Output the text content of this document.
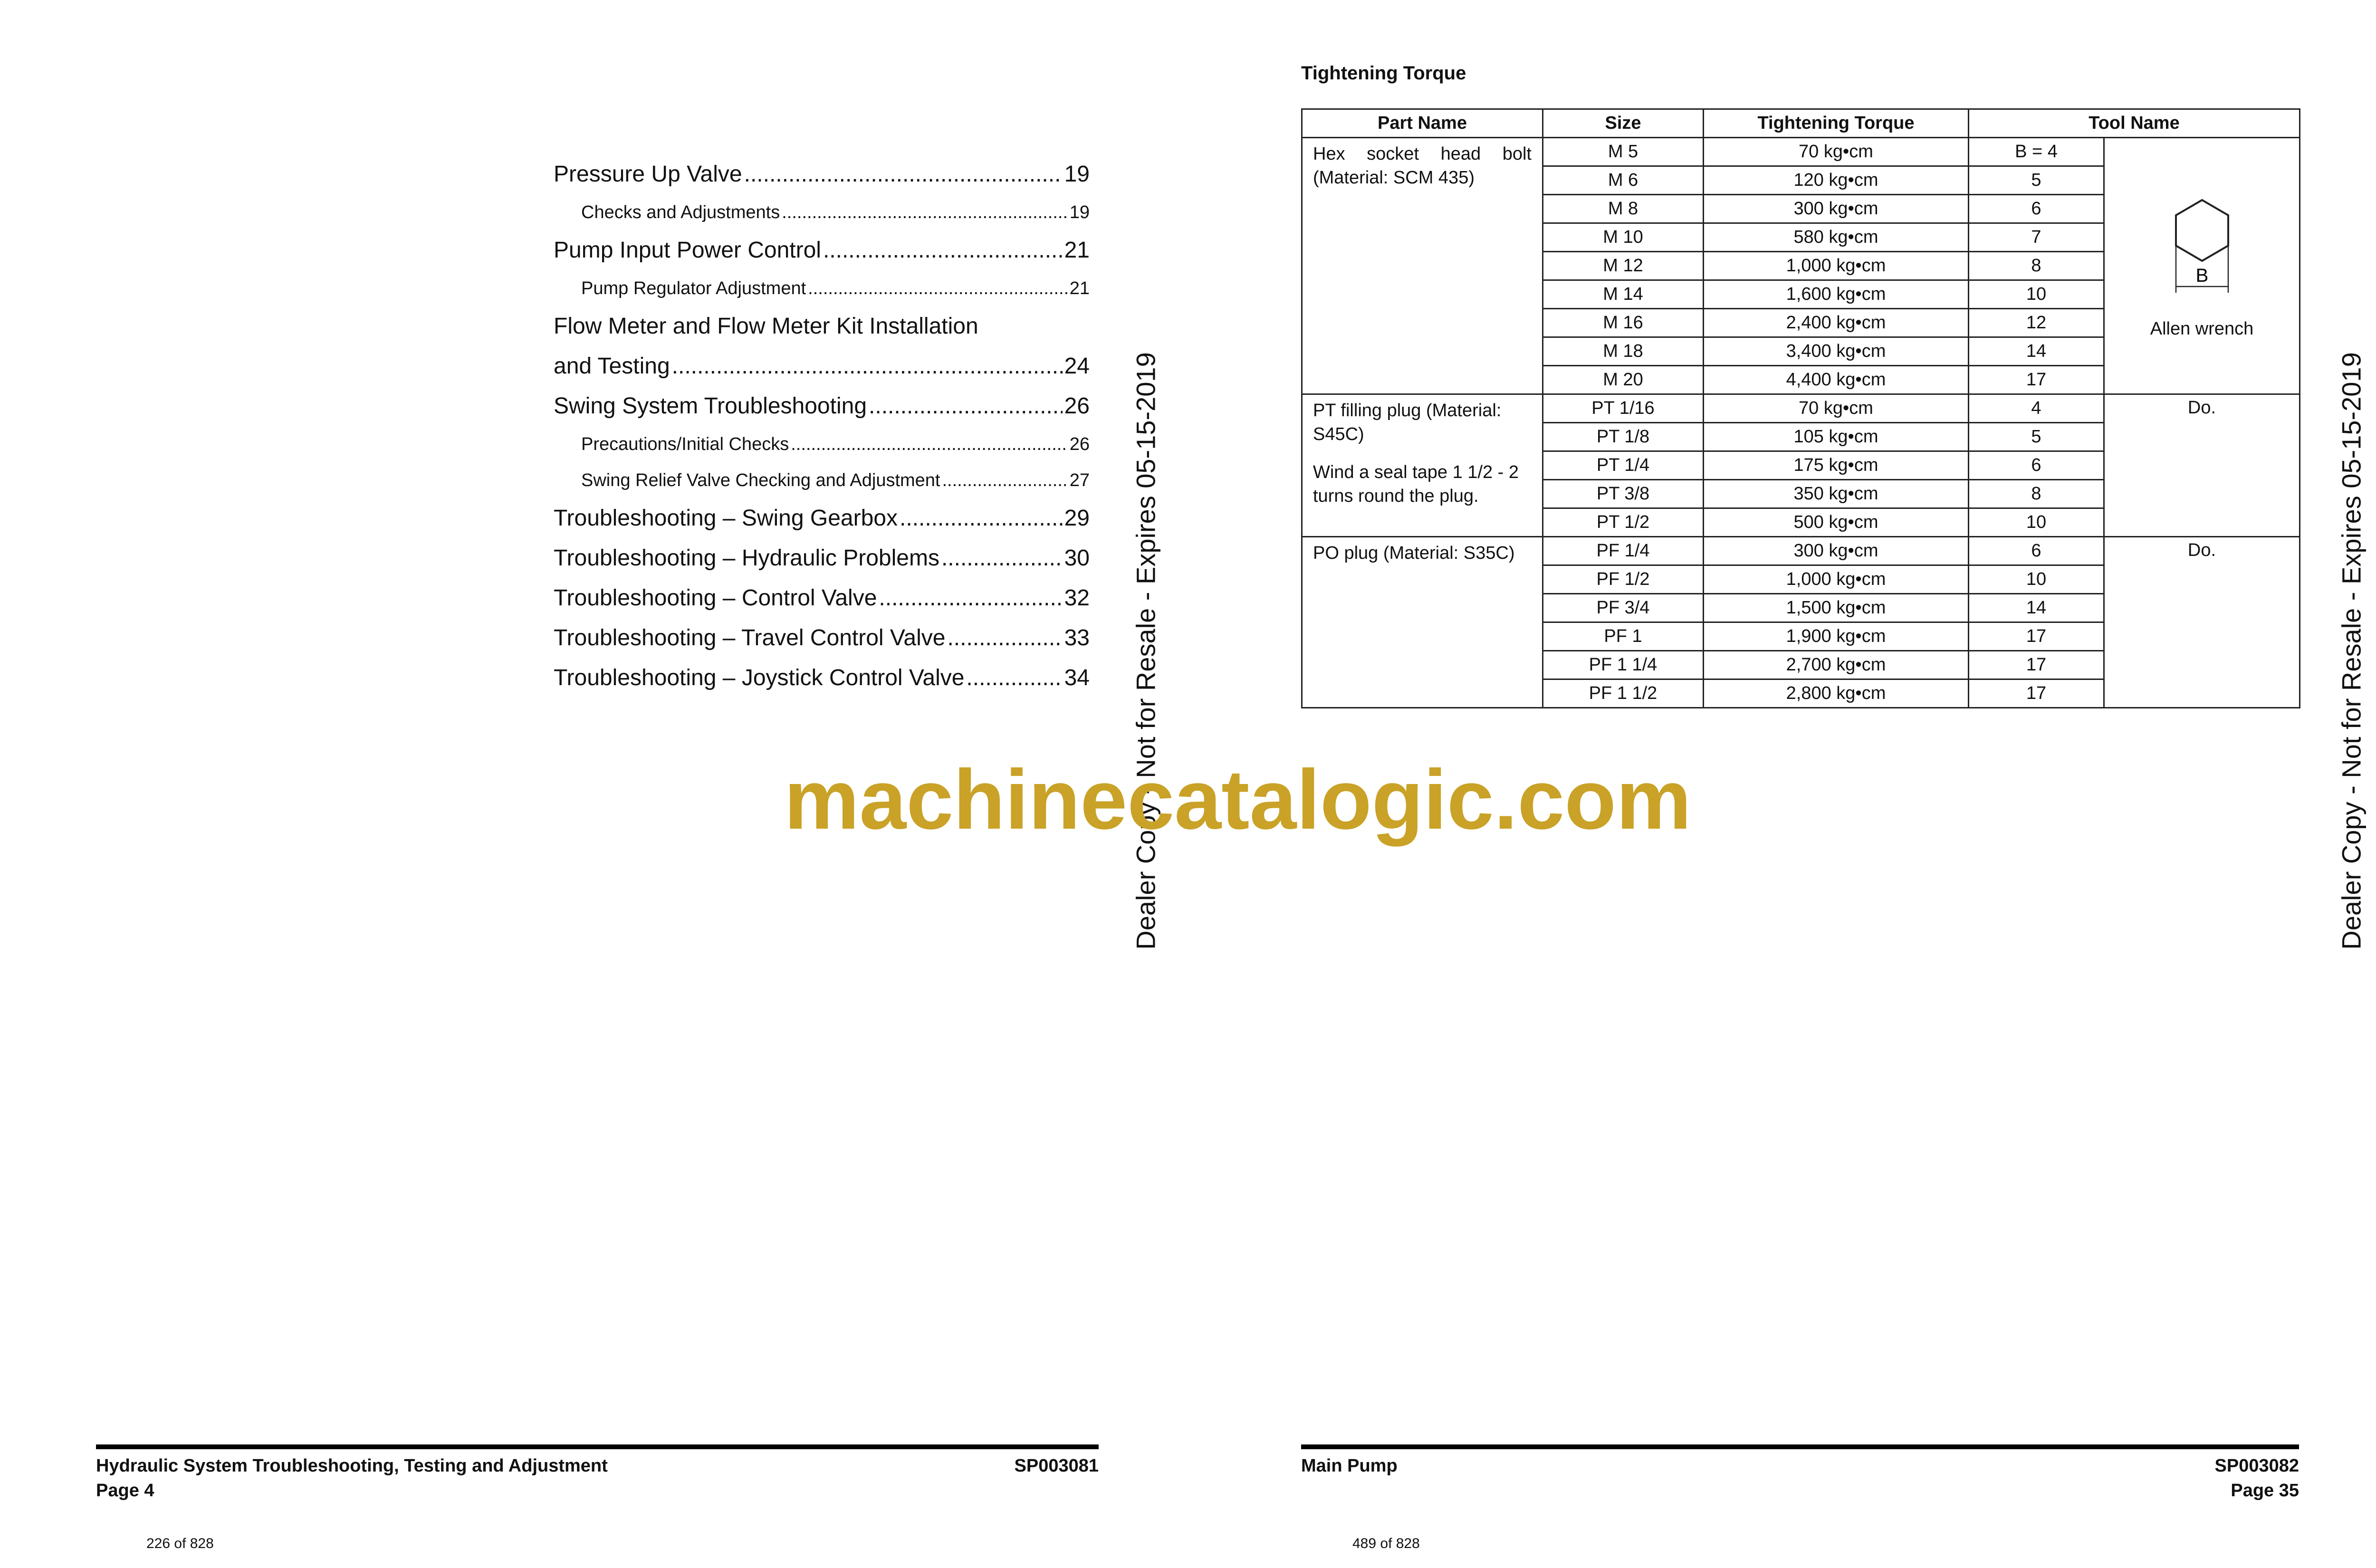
Pressure Up Valve .....	19
Checks and Adjustments .....	19
Pump Input Power Control .....	21
Pump Regulator Adjustment .....	21
Flow Meter and Flow Meter Kit Installation
and Testing .....	24
Swing System Troubleshooting .....	26
Precautions/Initial Checks .....	26
Swing Relief Valve Checking and Adjustment .....	27
Troubleshooting – Swing Gearbox .....	29
Troubleshooting – Hydraulic Problems .....	30
Troubleshooting – Control Valve .....	32
Troubleshooting – Travel Control Valve .....	33
Troubleshooting – Joystick Control Valve .....	34
Tightening Torque
Part Name	Size	Tightening Torque	Tool Name	
Hex socket head bolt (Material: SCM 435)	M 5	70 kg•cm	B = 4	B
Allen wrench

	M 6	120 kg•cm	5	
	M 8	300 kg•cm	6	
	M 10	580 kg•cm	7	
	M 12	1,000 kg•cm	8	
	M 14	1,600 kg•cm	10	
	M 16	2,400 kg•cm	12	
	M 18	3,400 kg•cm	14	
	M 20	4,400 kg•cm	17	
PT filling plug (Material: S45C)
Wind a seal tape 1 1/2 - 2 turns round the plug.	PT 1/16	70 kg•cm	4	Do.
	PT 1/8	105 kg•cm	5	
	PT 1/4	175 kg•cm	6	
	PT 3/8	350 kg•cm	8	
	PT 1/2	500 kg•cm	10	
PO plug (Material: S35C)	PF 1/4	300 kg•cm	6	Do.
	PF 1/2	1,000 kg•cm	10	
	PF 3/4	1,500 kg•cm	14	
	PF 1	1,900 kg•cm	17	
	PF 1 1/4	2,700 kg•cm	17	
	PF 1 1/2	2,800 kg•cm	17	
Dealer Copy - Not for Resale - Expires 05-15-2019	Dealer Copy - Not for Resale - Expires 05-15-2019
machinecatalogic.com
Hydraulic System Troubleshooting, Testing and Adjustment	SP003081
Page 4
226 of 828
Main Pump	SP003082
Page 35
489 of 828
